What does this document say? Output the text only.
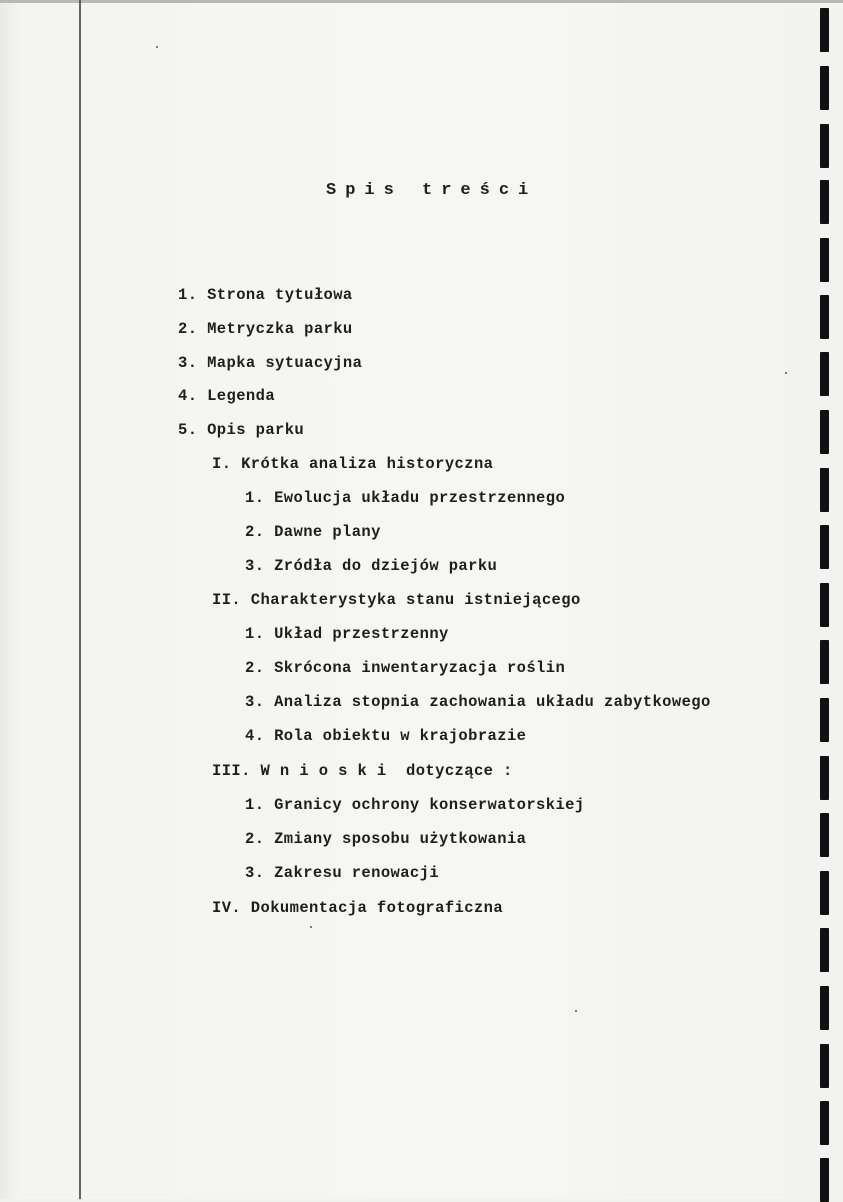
Spis treści
1. Strona tytułowa
2. Metryczka parku
3. Mapka sytuacyjna
4. Legenda
5. Opis parku
I. Krótka analiza historyczna
1. Ewolucja układu przestrzennego
2. Dawne plany
3. Zródła do dziejów parku
II. Charakterystyka stanu istniejącego
1. Układ przestrzenny
2. Skrócona inwentaryzacja roślin
3. Analiza stopnia zachowania układu zabytkowego
4. Rola obiektu w krajobrazie
III. W n i o s k i  dotyczące :
1. Granicy ochrony konserwatorskiej
2. Zmiany sposobu użytkowania
3. Zakresu renowacji
IV. Dokumentacja fotograficzna
